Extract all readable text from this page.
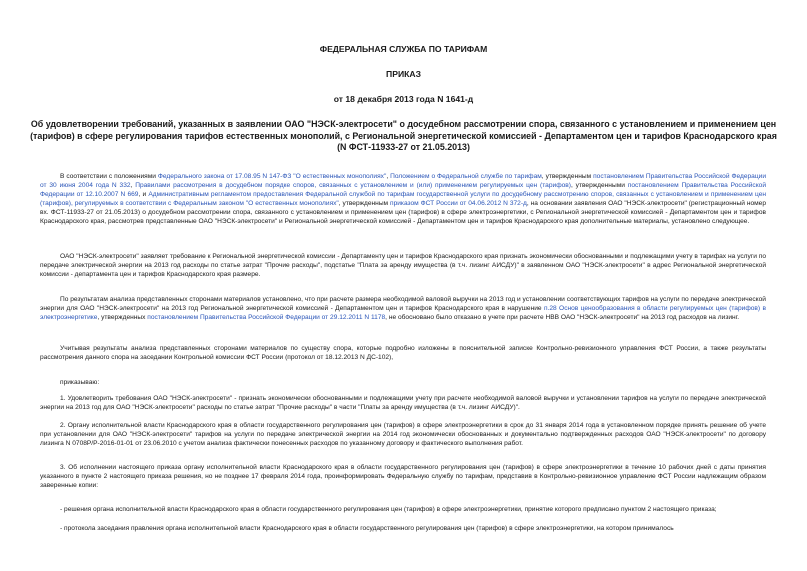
ФЕДЕРАЛЬНАЯ СЛУЖБА ПО ТАРИФАМ
ПРИКАЗ
от 18 декабря 2013 года N 1641-д
Об удовлетворении требований, указанных в заявлении ОАО "НЭСК-электросети" о досудебном рассмотрении спора, связанного с установлением и применением цен (тарифов) в сфере регулирования тарифов естественных монополий, с Региональной энергетической комиссией - Департаментом цен и тарифов Краснодарского края (N ФСТ-11933-27 от 21.05.2013)

В соответствии с положениями Федерального закона от 17.08.95 N 147-ФЗ "О естественных монополиях", Положением о Федеральной службе по тарифам, утвержденным постановлением Правительства Российской Федерации от 30 июня 2004 года N 332, Правилами рассмотрения в досудебном порядке споров, связанных с установлением и (или) применением регулируемых цен (тарифов), утвержденными постановлением Правительства Российской Федерации от 12.10.2007 N 669, и Административным регламентом предоставления Федеральной службой по тарифам государственной услуги по досудебному рассмотрению споров, связанных с установлением и применением цен (тарифов), регулируемых в соответствии с Федеральным законом "О естественных монополиях", утвержденным приказом ФСТ России от 04.06.2012 N 372-д, на основании заявления ОАО "НЭСК-электросети" (регистрационный номер вх. ФСТ-11933-27 от 21.05.2013) о досудебном рассмотрении спора, связанного с установлением и применением цен (тарифов) в сфере электроэнергетики, с Региональной энергетической комиссией - Департаментом цен и тарифов Краснодарского края, рассмотрев представленные ОАО "НЭСК-электросети" и Региональной энергетической комиссией - Департаментом цен и тарифов Краснодарского края дополнительные материалы, установлено следующее.

ОАО "НЭСК-электросети" заявляет требование к Региональной энергетической комиссии - Департаменту цен и тарифов Краснодарского края признать экономически обоснованными и подлежащими учету в тарифах на услуги по передаче электрической энергии на 2013 год расходы по статье затрат "Прочие расходы", подстатье "Плата за аренду имущества (в т.ч. лизинг АИСДУ)" в заявленном ОАО "НЭСК-электросети" в адрес Региональной энергетической комиссии - департамента цен и тарифов Краснодарского края размере.

По результатам анализа представленных сторонами материалов установлено, что при расчете размера необходимой валовой выручки на 2013 год и установлении соответствующих тарифов на услуги по передаче электрической энергии для ОАО "НЭСК-электросети" на 2013 год Региональной энергетической комиссией - Департаментом цен и тарифов Краснодарского края в нарушение п.28 Основ ценообразования в области регулируемых цен (тарифов) в электроэнергетике, утвержденных постановлением Правительства Российской Федерации от 29.12.2011 N 1178, не обосновано было отказано в учете при расчете НВВ ОАО "НЭСК-электросети" на 2013 год расходов на лизинг.

Учитывая результаты анализа представленных сторонами материалов по существу спора, которые подробно изложены в пояснительной записке Контрольно-ревизионного управления ФСТ России, а также результаты рассмотрения данного спора на заседании Контрольной комиссии ФСТ России (протокол от 18.12.2013 N ДС-102),

приказываю:

1. Удовлетворить требования ОАО "НЭСК-электросети" - признать экономически обоснованными и подлежащими учету при расчете необходимой валовой выручки и установлении тарифов на услуги по передаче электрической энергии на 2013 год для ОАО "НЭСК-электросети" расходы по статье затрат "Прочие расходы" в части "Платы за аренду имущества (в т.ч. лизинг АИСДУ)".

2. Органу исполнительной власти Краснодарского края в области государственного регулирования цен (тарифов) в сфере электроэнергетики в срок до 31 января 2014 года в установленном порядке принять решение об учете при установлении для ОАО "НЭСК-электросети" тарифов на услуги по передаче электрической энергии на 2014 год экономически обоснованных и документально подтвержденных расходов ОАО "НЭСК-электросети" по договору лизинга N 0708Р/Р-2016-01-01 от 23.06.2010 с учетом анализа фактически понесенных расходов по указанному договору и фактического выполнения работ.

3. Об исполнении настоящего приказа органу исполнительной власти Краснодарского края в области государственного регулирования цен (тарифов) в сфере электроэнергетики в течение 10 рабочих дней с даты принятия указанного в пункте 2 настоящего приказа решения, но не позднее 17 февраля 2014 года, проинформировать Федеральную службу по тарифам, представив в Контрольно-ревизионное управление ФСТ России надлежащим образом заверенные копии:

- решения органа исполнительной власти Краснодарского края в области государственного регулирования цен (тарифов) в сфере электроэнергетики, принятие которого предписано пунктом 2 настоящего приказа;

- протокола заседания правления органа исполнительной власти Краснодарского края в области государственного регулирования цен (тарифов) в сфере электроэнергетики, на котором принималось
